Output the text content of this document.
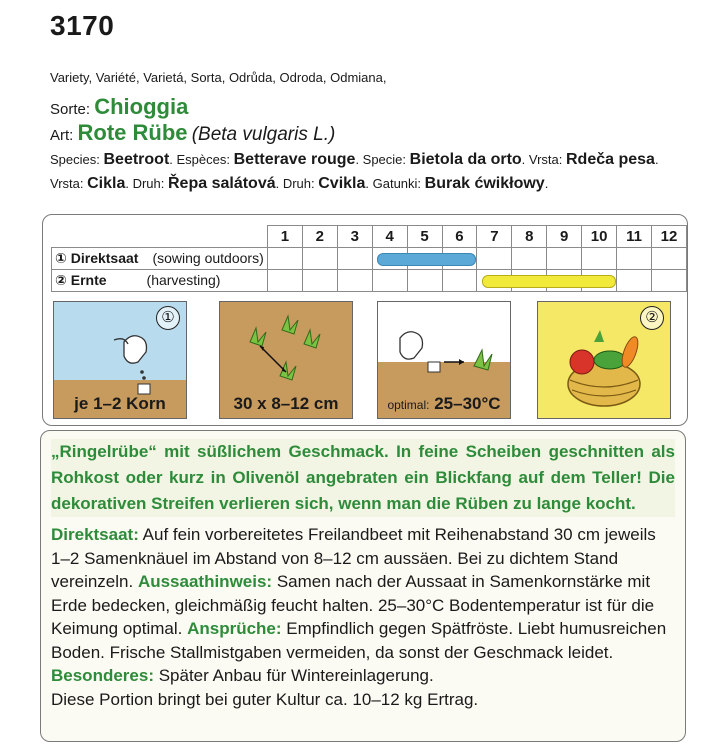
3170
Variety, Variété, Varietá, Sorta, Odrůda, Odroda, Odmiana,
Sorte: Chioggia
Art: Rote Rübe (Beta vulgaris L.)
Species: Beetroot. Espèces: Betterave rouge. Specie: Bietola da orto. Vrsta: Rdeča pesa.
Vrsta: Cikla. Druh: Řepa salátová. Druh: Cvikla. Gatunki: Burak ćwikłowy.
	1	2	3	4	5	6	7	8	9	10	11	12
① Direktsaat (sowing outdoors)												
② Ernte (harvesting)												
①
je 1–2 Korn	30 x 8–12 cm	optimal: 25–30°C
②
„Ringelrübe“ mit süßlichem Geschmack. In feine Scheiben geschnitten als Rohkost oder kurz in Olivenöl angebraten ein Blickfang auf dem Teller! Die dekorativen Streifen verlieren sich, wenn man die Rüben zu lange kocht.
Direktsaat: Auf fein vorbereitetes Freilandbeet mit Reihenabstand 30 cm jeweils 1–2 Samenknäuel im Abstand von 8–12 cm aussäen. Bei zu dichtem Stand vereinzeln. Aussaathinweis: Samen nach der Aussaat in Samenkornstärke mit Erde bedecken, gleichmäßig feucht halten. 25–30°C Bodentemperatur ist für die Keimung optimal. Ansprüche: Empfindlich gegen Spätfröste. Liebt humusreichen Boden. Frische Stallmistgaben vermeiden, da sonst der Geschmack leidet. Besonderes: Später Anbau für Wintereinlagerung.
Diese Portion bringt bei guter Kultur ca. 10–12 kg Ertrag.
